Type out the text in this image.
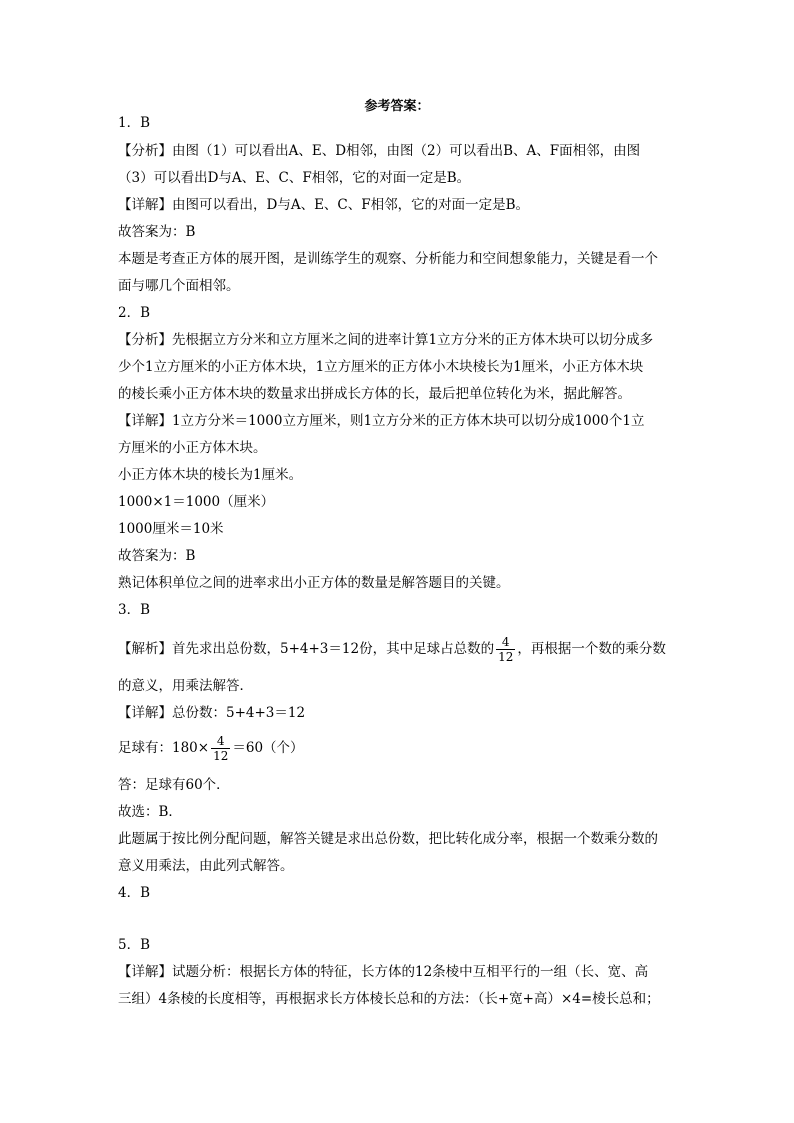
参考答案：
1．B
【分析】由图（1）可以看出A、E、D相邻，由图（2）可以看出B、A、F面相邻，由图
（3）可以看出D与A、E、C、F相邻，它的对面一定是B。
【详解】由图可以看出，D与A、E、C、F相邻，它的对面一定是B。
故答案为：B
本题是考查正方体的展开图，是训练学生的观察、分析能力和空间想象能力，关键是看一个
面与哪几个面相邻。
2．B
【分析】先根据立方分米和立方厘米之间的进率计算1立方分米的正方体木块可以切分成多
少个1立方厘米的小正方体木块，1立方厘米的正方体小木块棱长为1厘米，小正方体木块
的棱长乘小正方体木块的数量求出拼成长方体的长，最后把单位转化为米，据此解答。
【详解】1立方分米＝1000立方厘米，则1立方分米的正方体木块可以切分成1000个1立
方厘米的小正方体木块。
小正方体木块的棱长为1厘米。
1000×1＝1000（厘米）
1000厘米＝10米
故答案为：B
熟记体积单位之间的进率求出小正方体的数量是解答题目的关键。
3．B
【解析】首先求出总份数，5+4+3＝12份，其中足球占总数的 $\frac{4}{12}$ ，再根据一个数的乘分数
的意义，用乘法解答．
【详解】总份数：5+4+3＝12
足球有：$180\times \frac{4}{12} =60$（个）
答：足球有60个．
故选：B．
此题属于按比例分配问题，解答关键是求出总份数，把比转化成分率，根据一个数乘分数的
意义用乘法，由此列式解答。
4．B
5．B
【详解】试题分析：根据长方体的特征，长方体的12条棱中互相平行的一组（长、宽、高
三组）4条棱的长度相等，再根据求长方体棱长总和的方法：（长+宽+高）×4=棱长总和；
